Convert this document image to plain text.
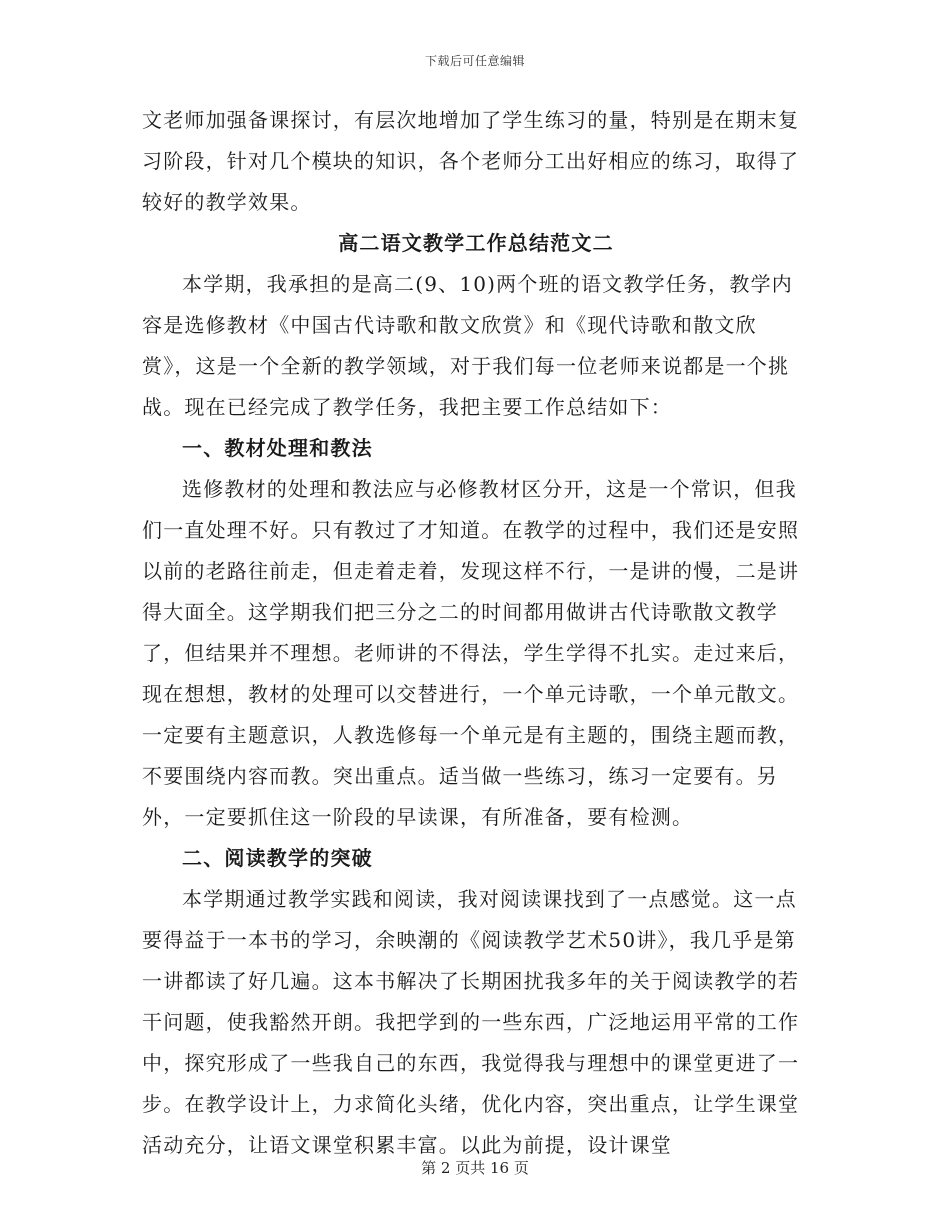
下载后可任意编辑

文老师加强备课探讨，有层次地增加了学生练习的量，特别是在期末复习阶段，针对几个模块的知识，各个老师分工出好相应的练习，取得了较好的教学效果。

高二语文教学工作总结范文二

本学期，我承担的是高二(9、10)两个班的语文教学任务，教学内容是选修教材《中国古代诗歌和散文欣赏》和《现代诗歌和散文欣赏》，这是一个全新的教学领域，对于我们每一位老师来说都是一个挑战。现在已经完成了教学任务，我把主要工作总结如下：

一、教材处理和教法

选修教材的处理和教法应与必修教材区分开，这是一个常识，但我们一直处理不好。只有教过了才知道。在教学的过程中，我们还是安照以前的老路往前走，但走着走着，发现这样不行，一是讲的慢，二是讲得大面全。这学期我们把三分之二的时间都用做讲古代诗歌散文教学了，但结果并不理想。老师讲的不得法，学生学得不扎实。走过来后，现在想想，教材的处理可以交替进行，一个单元诗歌，一个单元散文。一定要有主题意识，人教选修每一个单元是有主题的，围绕主题而教，不要围绕内容而教。突出重点。适当做一些练习，练习一定要有。另外，一定要抓住这一阶段的早读课，有所准备，要有检测。

二、阅读教学的突破

本学期通过教学实践和阅读，我对阅读课找到了一点感觉。这一点要得益于一本书的学习，余映潮的《阅读教学艺术50讲》，我几乎是第一讲都读了好几遍。这本书解决了长期困扰我多年的关于阅读教学的若干问题，使我豁然开朗。我把学到的一些东西，广泛地运用平常的工作中，探究形成了一些我自己的东西，我觉得我与理想中的课堂更进了一步。在教学设计上，力求简化头绪，优化内容，突出重点，让学生课堂活动充分，让语文课堂积累丰富。以此为前提，设计课堂

第 2 页共 16 页
